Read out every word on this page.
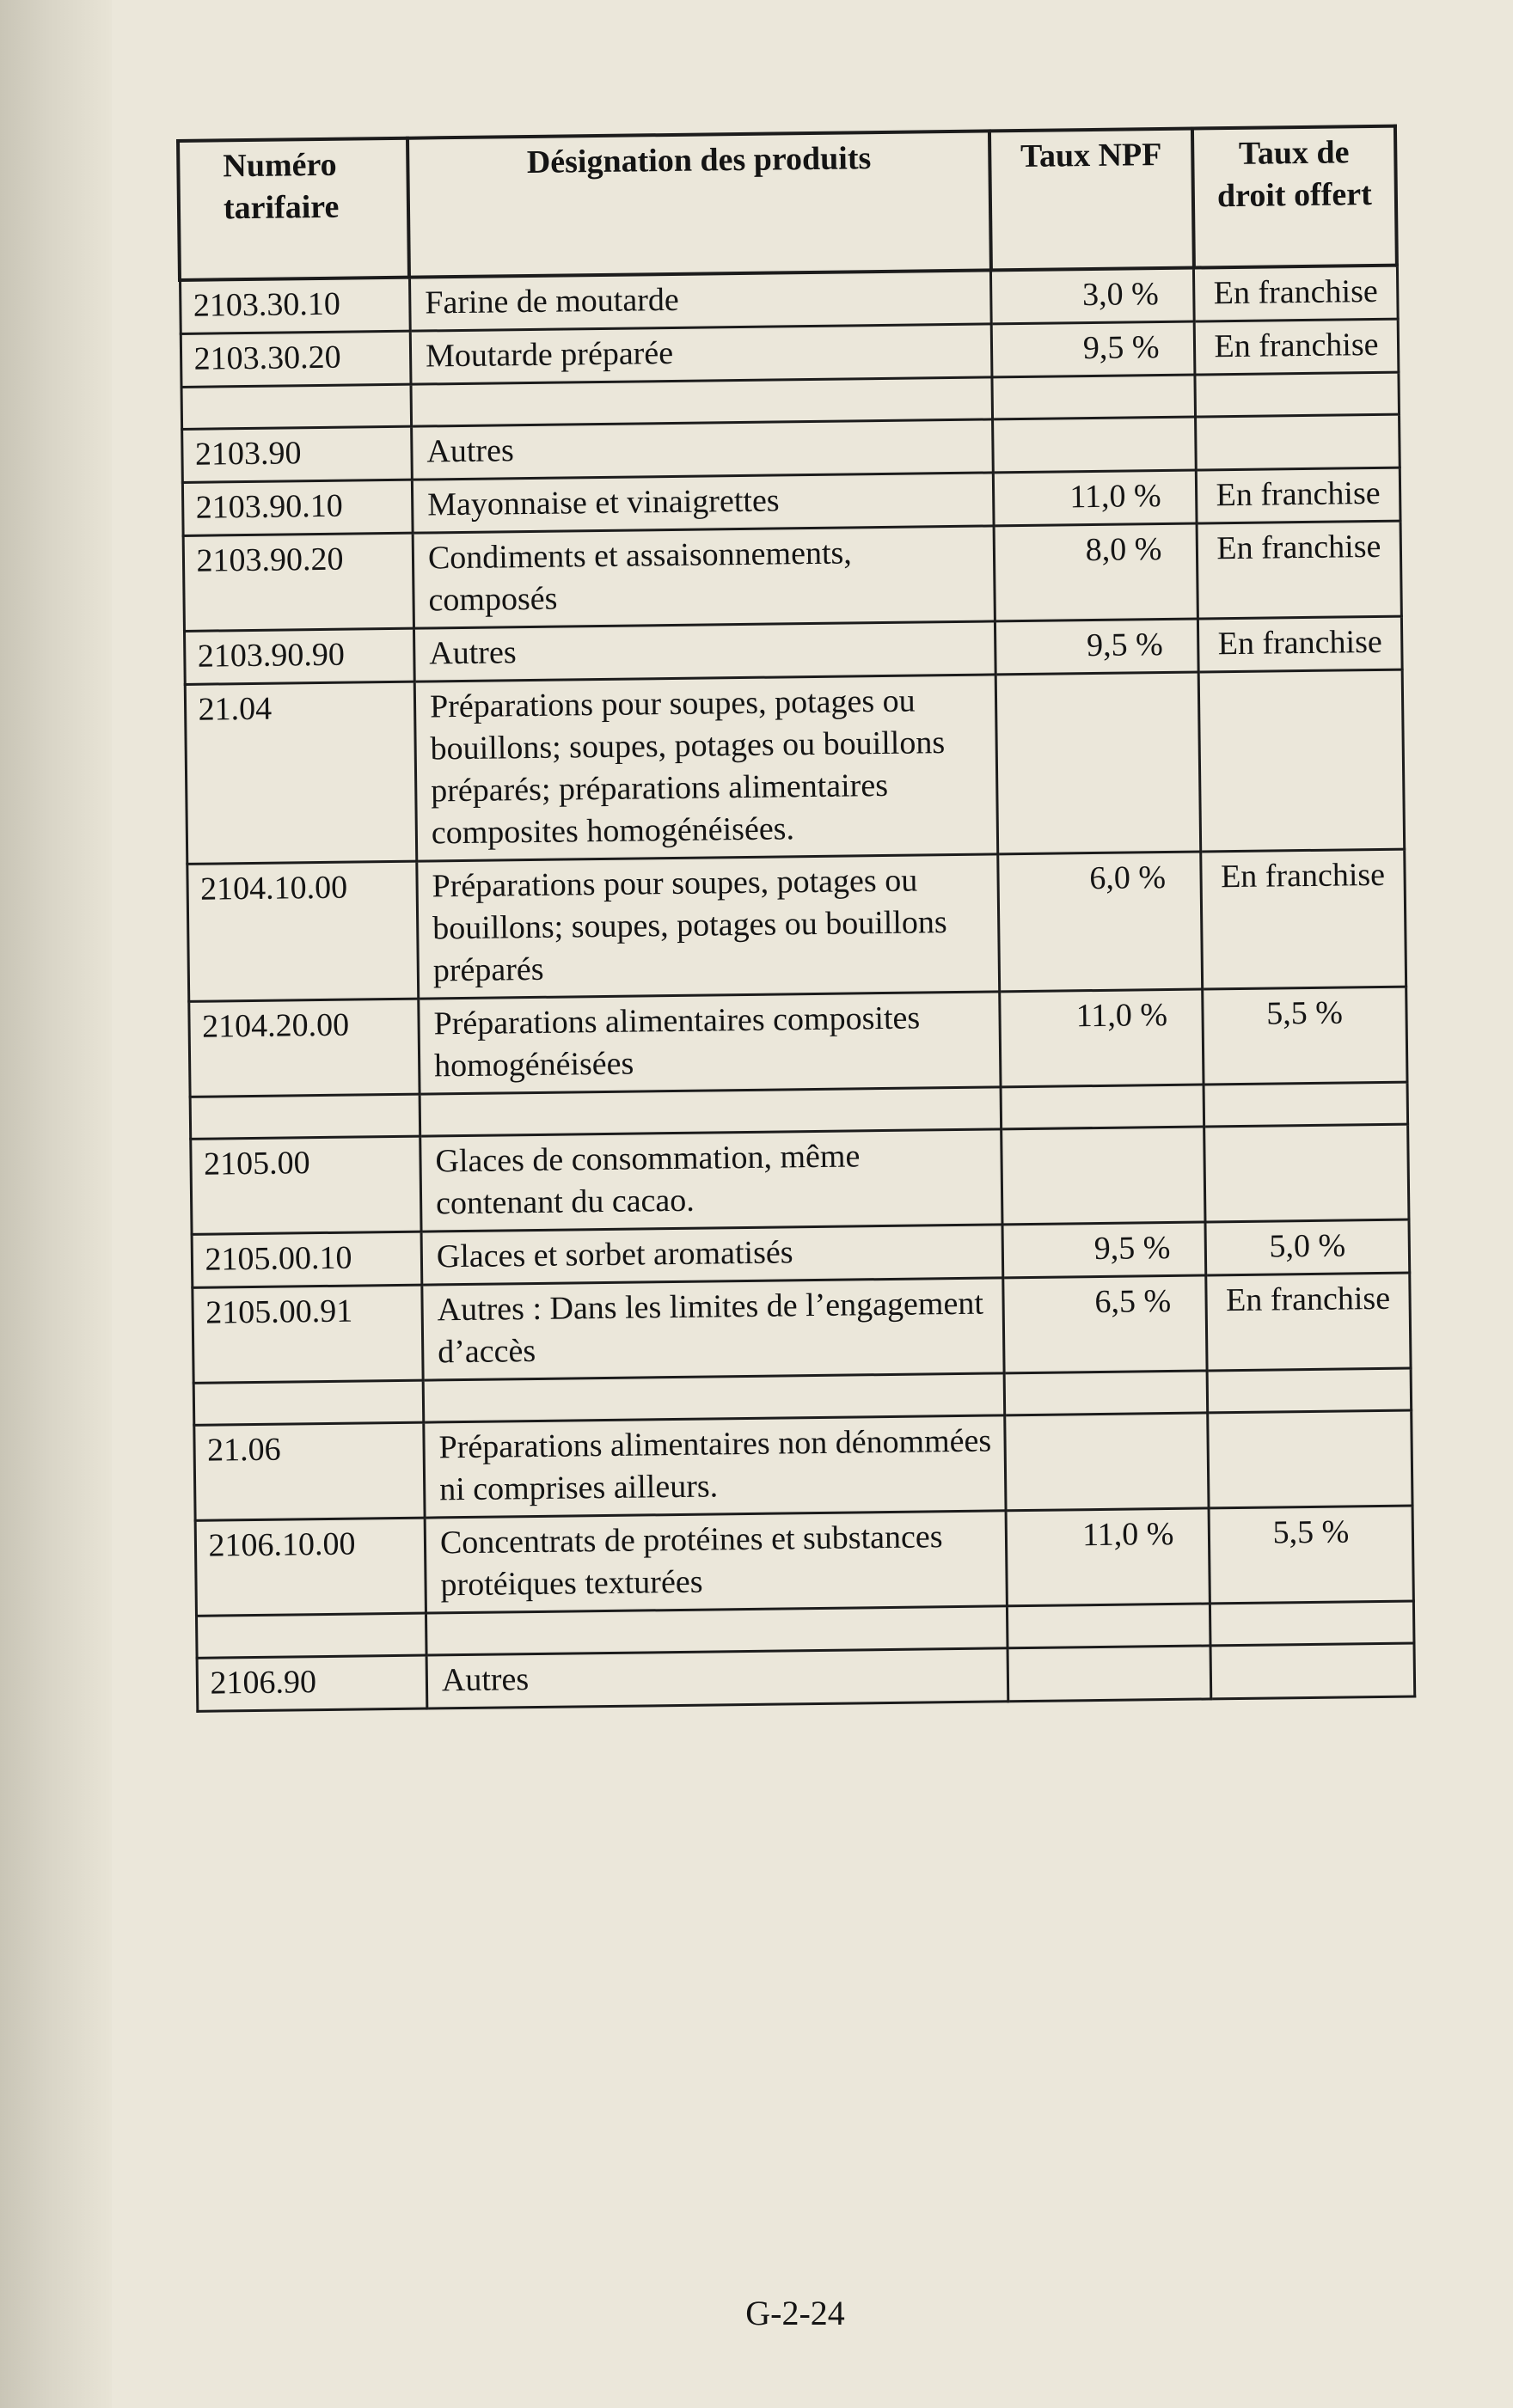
Numéro tarifaire	Désignation des produits	Taux NPF	Taux de droit offert
2103.30.10	Farine de moutarde	3,0 %	En franchise
2103.30.20	Moutarde préparée	9,5 %	En franchise

2103.90	Autres		
2103.90.10	Mayonnaise et vinaigrettes	11,0 %	En franchise
2103.90.20	Condiments et assaisonnements, composés	8,0 %	En franchise
2103.90.90	Autres	9,5 %	En franchise
21.04	Préparations pour soupes, potages ou bouillons; soupes, potages ou bouillons préparés; préparations alimentaires composites homogénéisées.		
2104.10.00	Préparations pour soupes, potages ou bouillons; soupes, potages ou bouillons préparés	6,0 %	En franchise
2104.20.00	Préparations alimentaires composites homogénéisées	11,0 %	5,5 %

2105.00	Glaces de consommation, même contenant du cacao.		
2105.00.10	Glaces et sorbet aromatisés	9,5 %	5,0 %
2105.00.91	Autres : Dans les limites de l’engagement d’accès	6,5 %	En franchise

21.06	Préparations alimentaires non dénommées ni comprises ailleurs.		
2106.10.00	Concentrats de protéines et substances protéiques texturées	11,0 %	5,5 %

2106.90	Autres		
G-2-24
